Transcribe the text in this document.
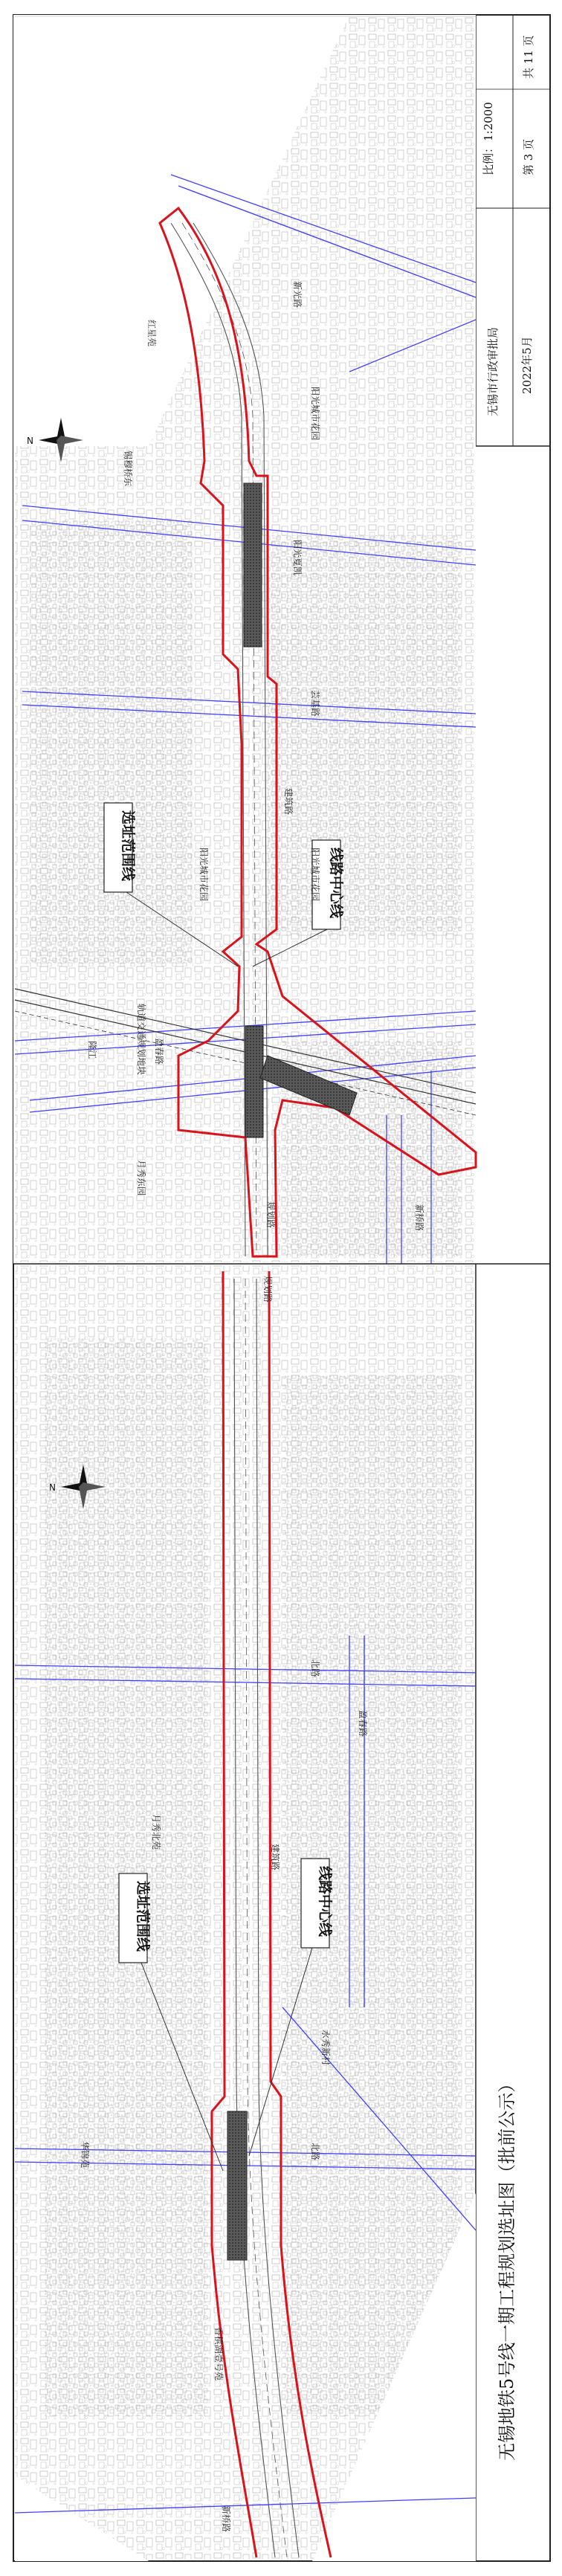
比例：
1:2000
第 3 页
共 11 页
无锡市行政审批局 2022年5月
选址范围线
线路中心线
N
新光路
阳光夏凯
芸基路
建筑路
规划路
盈春路
新桥路
红星苑
阳光城市花园
锡穆桥东
阳光城市花园	阳光城市花园
轨道交通规划地块
月秀东园
隆江
选址范围线	线路中心线
N
规划路
建筑路
北路
盈春路
北路
新桥路
月秀北苑
水秀新村
香槟湖壹号苑
华锦苑	无锡地铁5号线一期工程规划选址图（批前公示）
